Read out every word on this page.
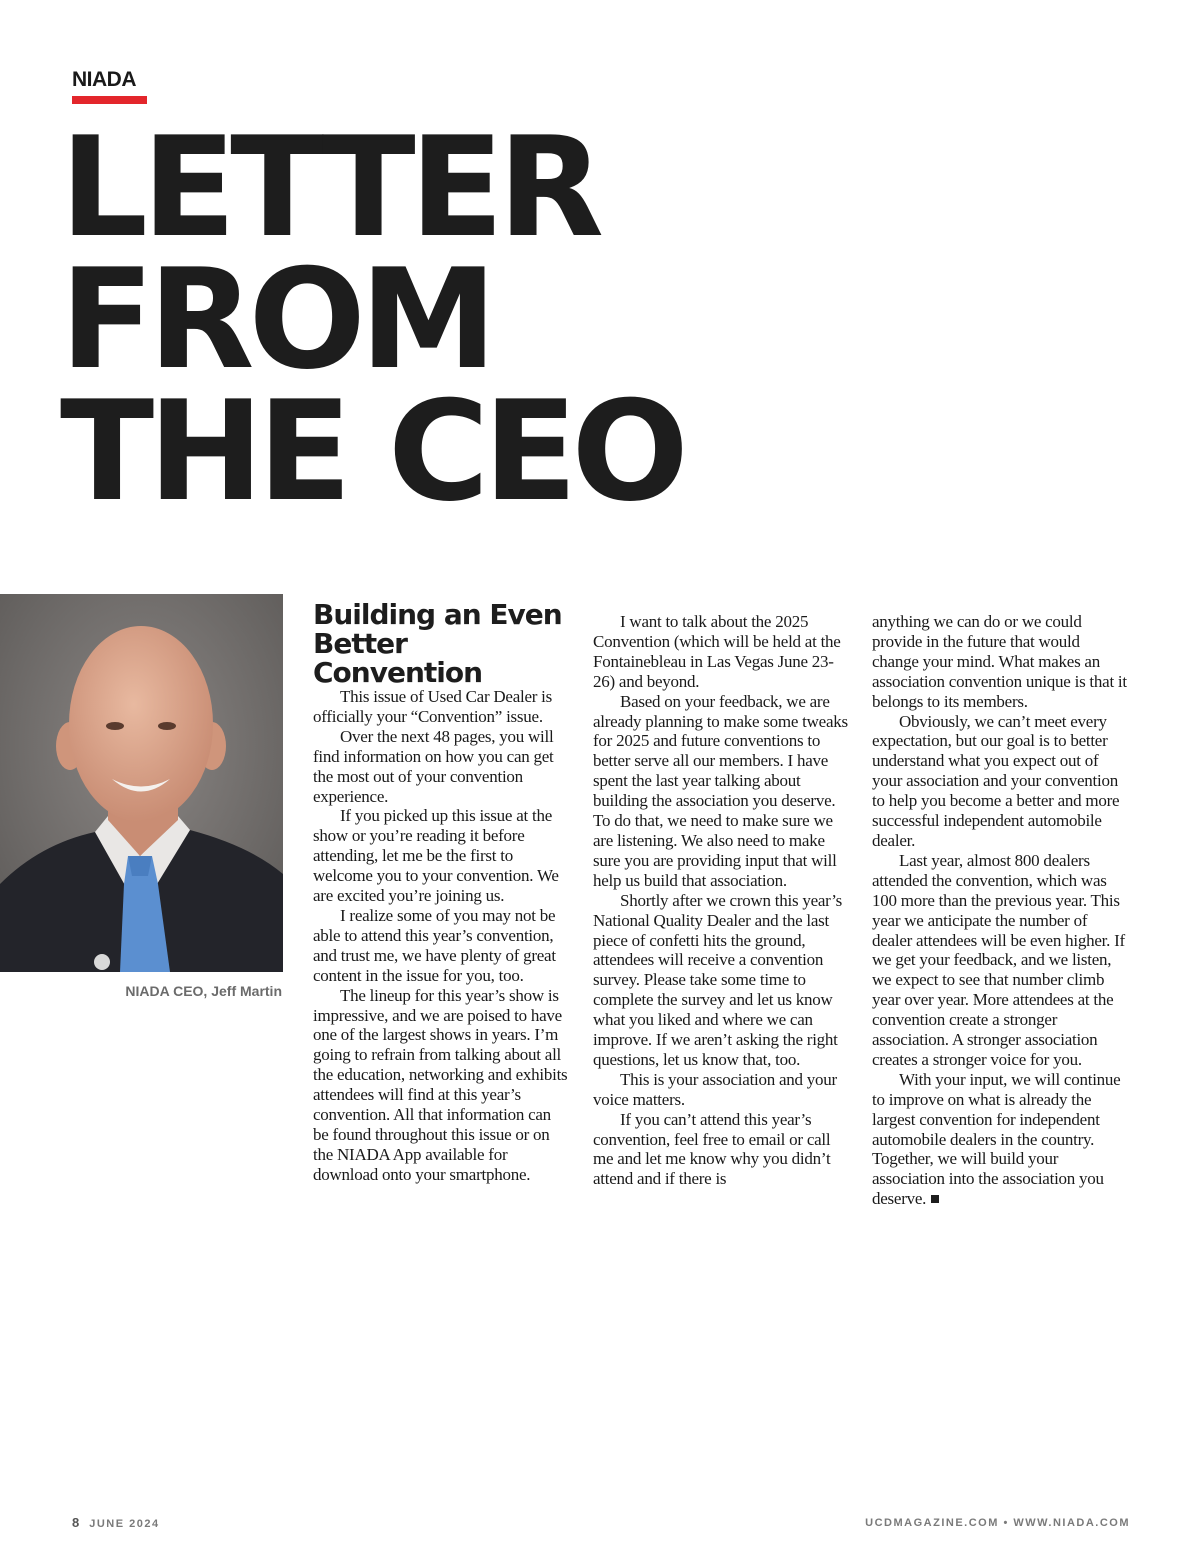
NIADA
LETTER
FROM
THE CEO
NIADA CEO, Jeff Martin
Building an Even Better Convention

This issue of Used Car Dealer is officially your “Convention” issue.

Over the next 48 pages, you will find information on how you can get the most out of your convention experience.

If you picked up this issue at the show or you’re reading it before attending, let me be the first to welcome you to your convention. We are excited you’re joining us.

I realize some of you may not be able to attend this year’s convention, and trust me, we have plenty of great content in the issue for you, too.

The lineup for this year’s show is impressive, and we are poised to have one of the largest shows in years. I’m going to refrain from talking about all the education, networking and exhibits attendees will find at this year’s convention. All that information can be found throughout this issue or on the NIADA App available for download onto your smartphone.

I want to talk about the 2025 Convention (which will be held at the Fontainebleau in Las Vegas June 23-26) and beyond.

Based on your feedback, we are already planning to make some tweaks for 2025 and future conventions to better serve all our members. I have spent the last year talking about building the association you deserve. To do that, we need to make sure we are listening. We also need to make sure you are providing input that will help us build that association.

Shortly after we crown this year’s National Quality Dealer and the last piece of confetti hits the ground, attendees will receive a convention survey. Please take some time to complete the survey and let us know what you liked and where we can improve. If we aren’t asking the right questions, let us know that, too.

This is your association and your voice matters.

If you can’t attend this year’s convention, feel free to email or call me and let me know why you didn’t attend and if there is

anything we can do or we could provide in the future that would change your mind. What makes an association convention unique is that it belongs to its members.

Obviously, we can’t meet every expectation, but our goal is to better understand what you expect out of your association and your convention to help you become a better and more successful independent automobile dealer.

Last year, almost 800 dealers attended the convention, which was 100 more than the previous year. This year we anticipate the number of dealer attendees will be even higher. If we get your feedback, and we listen, we expect to see that number climb year over year. More attendees at the convention create a stronger association. A stronger association creates a stronger voice for you.

With your input, we will continue to improve on what is already the largest convention for independent automobile dealers in the country. Together, we will build your association into the association you deserve.

8 JUNE 2024	UCDMAGAZINE.COM • WWW.NIADA.COM
